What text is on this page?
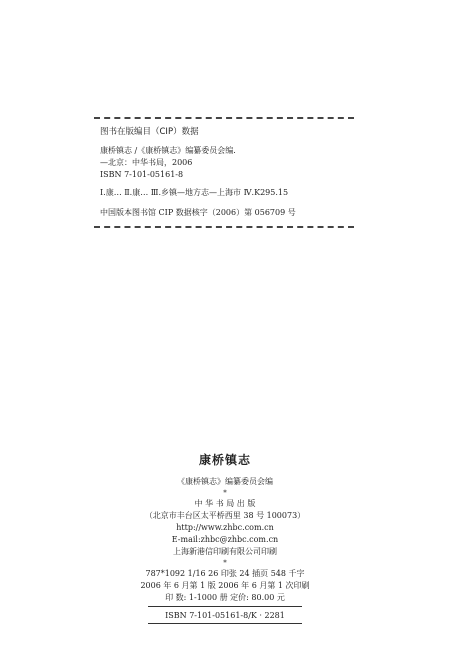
图书在版编目（CIP）数据
康桥镇志 /《康桥镇志》编纂委员会编.
—北京：中华书局，2006
ISBN 7-101-05161-8
Ⅰ.康… Ⅱ.康… Ⅲ.乡镇—地方志—上海市 Ⅳ.K295.15
中国版本图书馆 CIP 数据核字（2006）第 056709 号
康桥镇志
《康桥镇志》编纂委员会编
*
中 华 书 局 出 版
（北京市丰台区太平桥西里 38 号 100073）
http://www.zhbc.com.cn
E-mail:zhbc@zhbc.com.cn
上海新港信印刷有限公司印刷
*
787*1092 1/16 26 印张 24 插页 548 千字
2006 年 6 月第 1 版 2006 年 6 月第 1 次印刷
印 数: 1-1000 册 定价: 80.00 元
ISBN 7-101-05161-8/K · 2281
